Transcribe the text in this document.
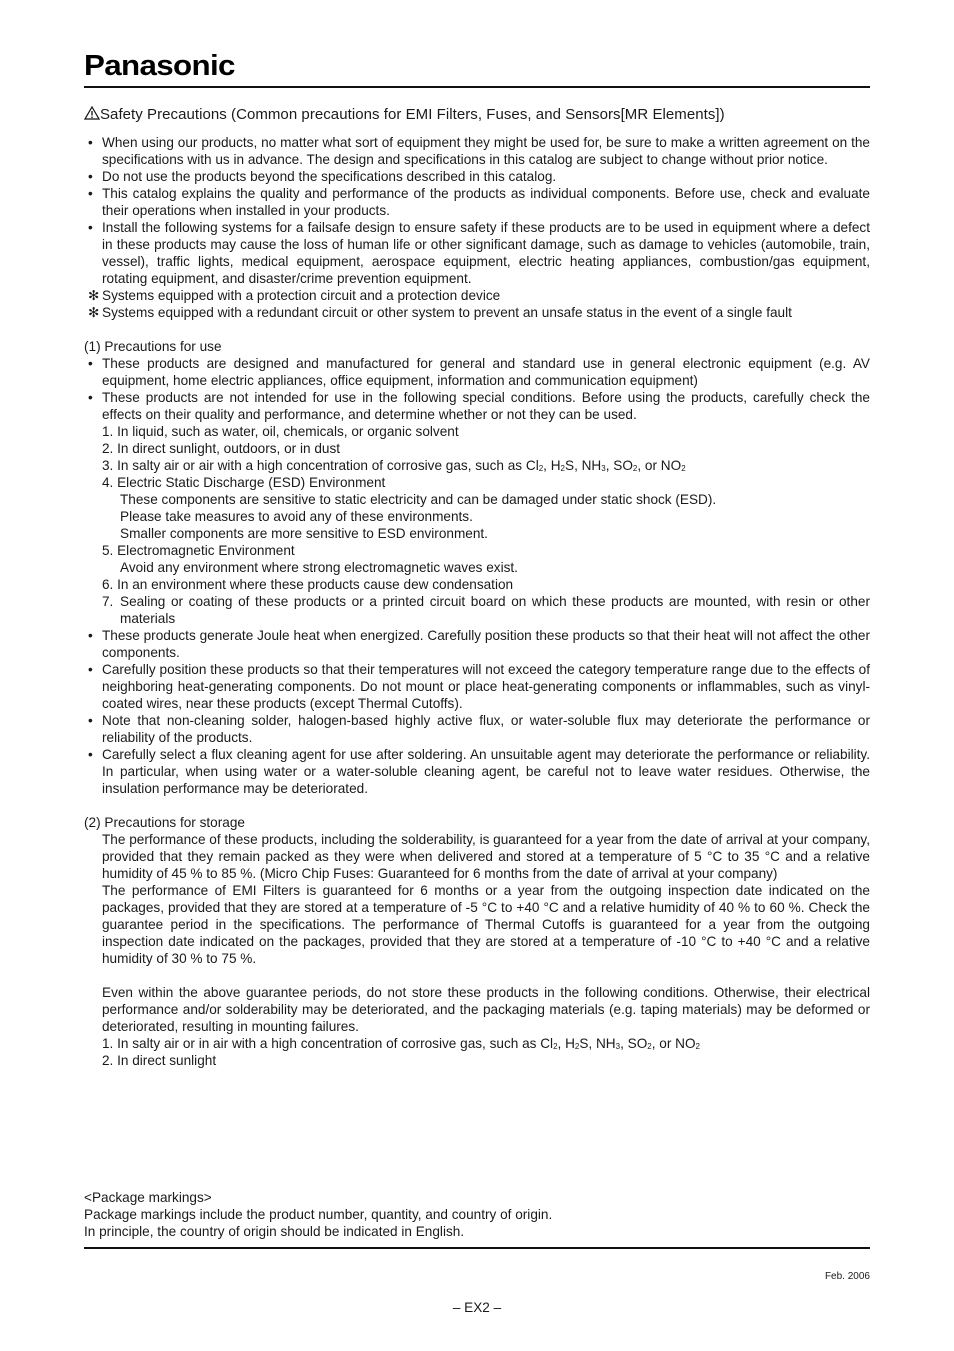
Panasonic
Safety Precautions (Common precautions for EMI Filters, Fuses, and Sensors[MR Elements])
• When using our products, no matter what sort of equipment they might be used for, be sure to make a written agreement on the specifications with us in advance. The design and specifications in this catalog are subject to change without prior notice.
• Do not use the products beyond the specifications described in this catalog.
• This catalog explains the quality and performance of the products as individual components. Before use, check and evaluate their operations when installed in your products.
• Install the following systems for a failsafe design to ensure safety if these products are to be used in equipment where a defect in these products may cause the loss of human life or other significant damage, such as damage to vehicles (automobile, train, vessel), traffic lights, medical equipment, aerospace equipment, electric heating appliances, combustion/gas equipment, rotating equipment, and disaster/crime prevention equipment.
✻ Systems equipped with a protection circuit and a protection device
✻ Systems equipped with a redundant circuit or other system to prevent an unsafe status in the event of a single fault
(1) Precautions for use
• These products are designed and manufactured for general and standard use in general electronic equipment (e.g. AV equipment, home electric appliances, office equipment, information and communication equipment)
• These products are not intended for use in the following special conditions. Before using the products, carefully check the effects on their quality and performance, and determine whether or not they can be used.
1. In liquid, such as water, oil, chemicals, or organic solvent
2. In direct sunlight, outdoors, or in dust
3. In salty air or air with a high concentration of corrosive gas, such as $Cl_2$, $H_2S$, $NH_3$, $SO_2$, or $NO_2$
4. Electric Static Discharge (ESD) Environment
These components are sensitive to static electricity and can be damaged under static shock (ESD).
Please take measures to avoid any of these environments.
Smaller components are more sensitive to ESD environment.
5. Electromagnetic Environment
Avoid any environment where strong electromagnetic waves exist.
6. In an environment where these products cause dew condensation
7. Sealing or coating of these products or a printed circuit board on which these products are mounted, with resin or other materials
• These products generate Joule heat when energized. Carefully position these products so that their heat will not affect the other components.
• Carefully position these products so that their temperatures will not exceed the category temperature range due to the effects of neighboring heat-generating components. Do not mount or place heat-generating components or inflammables, such as vinyl-coated wires, near these products (except Thermal Cutoffs).
• Note that non-cleaning solder, halogen-based highly active flux, or water-soluble flux may deteriorate the performance or reliability of the products.
• Carefully select a flux cleaning agent for use after soldering. An unsuitable agent may deteriorate the performance or reliability. In particular, when using water or a water-soluble cleaning agent, be careful not to leave water residues. Otherwise, the insulation performance may be deteriorated.
(2) Precautions for storage
The performance of these products, including the solderability, is guaranteed for a year from the date of arrival at your company, provided that they remain packed as they were when delivered and stored at a temperature of 5 °C to 35 °C and a relative humidity of 45 % to 85 %. (Micro Chip Fuses: Guaranteed for 6 months from the date of arrival at your company)
The performance of EMI Filters is guaranteed for 6 months or a year from the outgoing inspection date indicated on the packages, provided that they are stored at a temperature of -5 °C to +40 °C and a relative humidity of 40 % to 60 %. Check the guarantee period in the specifications. The performance of Thermal Cutoffs is guaranteed for a year from the outgoing inspection date indicated on the packages, provided that they are stored at a temperature of -10 °C to +40 °C and a relative humidity of 30 % to 75 %.
Even within the above guarantee periods, do not store these products in the following conditions. Otherwise, their electrical performance and/or solderability may be deteriorated, and the packaging materials (e.g. taping materials) may be deformed or deteriorated, resulting in mounting failures.
1. In salty air or in air with a high concentration of corrosive gas, such as $Cl_2$, $H_2S$, $NH_3$, $SO_2$, or $NO_2$
2. In direct sunlight
<Package markings>
Package markings include the product number, quantity, and country of origin.
In principle, the country of origin should be indicated in English.
Feb. 2006
– EX2 –
